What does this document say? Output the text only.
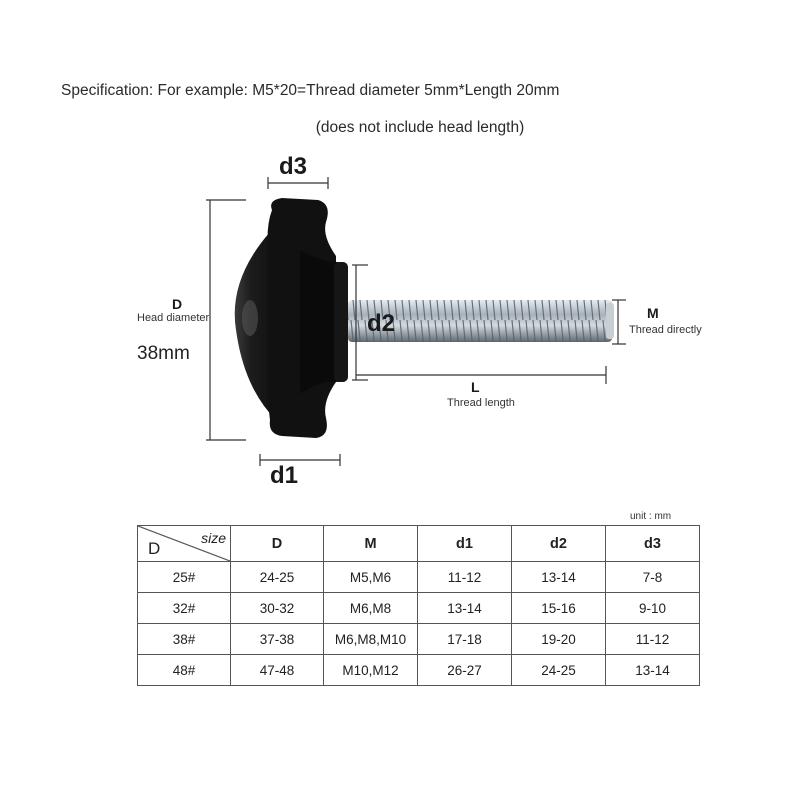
Specification: For example: M5*20=Thread diameter 5mm*Length 20mm
(does not include head length)
d3
d2
d1
D
Head diameter
38mm
M
Thread directly
L
Thread length
unit : mm
size
D	D	M	d1	d2	d3
25#	24-25	M5,M6	11-12	13-14	7-8
32#	30-32	M6,M8	13-14	15-16	9-10
38#	37-38	M6,M8,M10	17-18	19-20	11-12
48#	47-48	M10,M12	26-27	24-25	13-14
